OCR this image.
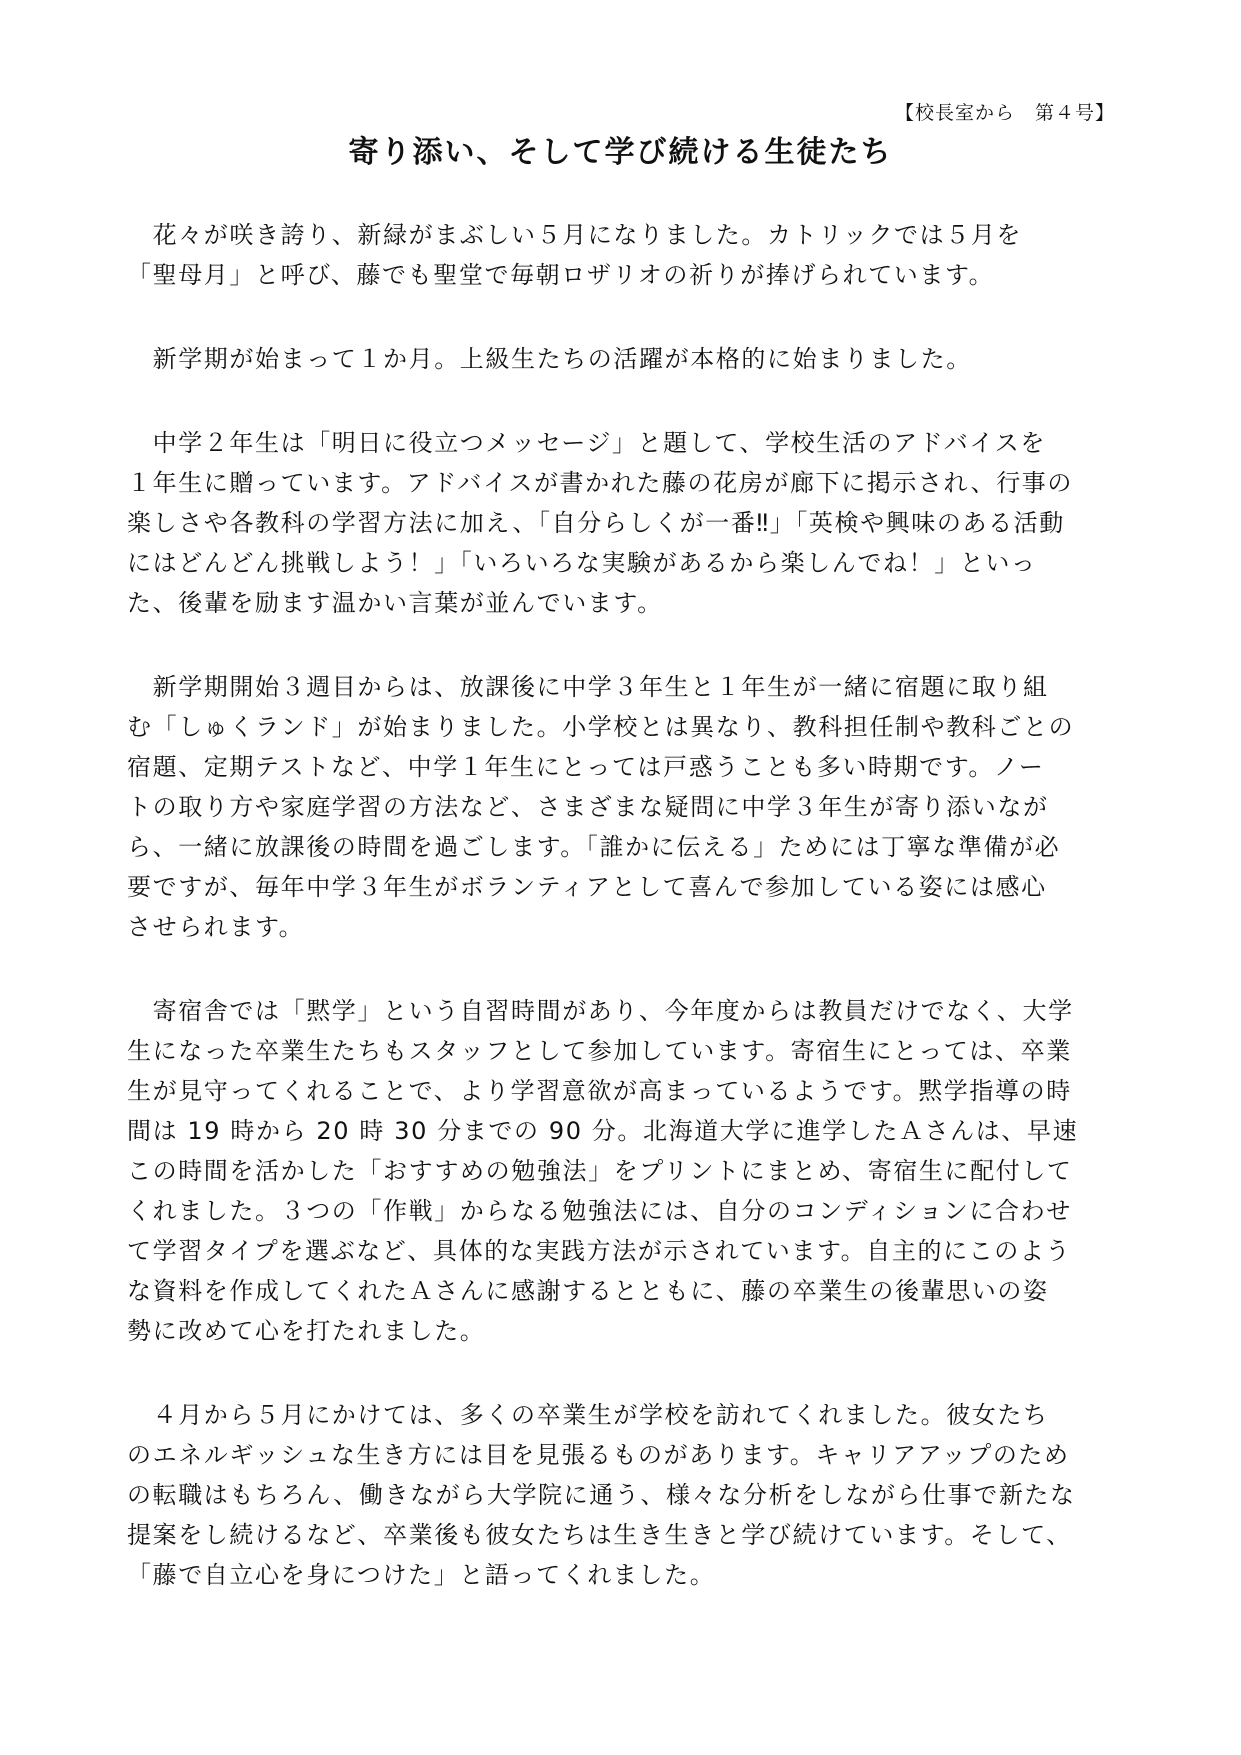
【校長室から　第４号】
寄り添い、そして学び続ける生徒たち
　花々が咲き誇り、新緑がまぶしい５月になりました。カトリックでは５月を
「聖母月」と呼び、藤でも聖堂で毎朝ロザリオの祈りが捧げられています。
　新学期が始まって１か月。上級生たちの活躍が本格的に始まりました。
　中学２年生は「明日に役立つメッセージ」と題して、学校生活のアドバイスを
１年生に贈っています。アドバイスが書かれた藤の花房が廊下に掲示され、行事の
楽しさや各教科の学習方法に加え、「自分らしくが一番‼」「英検や興味のある活動
にはどんどん挑戦しよう！」「いろいろな実験があるから楽しんでね！」といっ
た、後輩を励ます温かい言葉が並んでいます。
　新学期開始３週目からは、放課後に中学３年生と１年生が一緒に宿題に取り組
む「しゅくランド」が始まりました。小学校とは異なり、教科担任制や教科ごとの
宿題、定期テストなど、中学１年生にとっては戸惑うことも多い時期です。ノー
トの取り方や家庭学習の方法など、さまざまな疑問に中学３年生が寄り添いなが
ら、一緒に放課後の時間を過ごします。「誰かに伝える」ためには丁寧な準備が必
要ですが、毎年中学３年生がボランティアとして喜んで参加している姿には感心
させられます。
　寄宿舎では「黙学」という自習時間があり、今年度からは教員だけでなく、大学
生になった卒業生たちもスタッフとして参加しています。寄宿生にとっては、卒業
生が見守ってくれることで、より学習意欲が高まっているようです。黙学指導の時
間は 19 時から 20 時 30 分までの 90 分。北海道大学に進学したＡさんは、早速
この時間を活かした「おすすめの勉強法」をプリントにまとめ、寄宿生に配付して
くれました。３つの「作戦」からなる勉強法には、自分のコンディションに合わせ
て学習タイプを選ぶなど、具体的な実践方法が示されています。自主的にこのよう
な資料を作成してくれたＡさんに感謝するとともに、藤の卒業生の後輩思いの姿
勢に改めて心を打たれました。
　４月から５月にかけては、多くの卒業生が学校を訪れてくれました。彼女たち
のエネルギッシュな生き方には目を見張るものがあります。キャリアアップのため
の転職はもちろん、働きながら大学院に通う、様々な分析をしながら仕事で新たな
提案をし続けるなど、卒業後も彼女たちは生き生きと学び続けています。そして、
「藤で自立心を身につけた」と語ってくれました。
